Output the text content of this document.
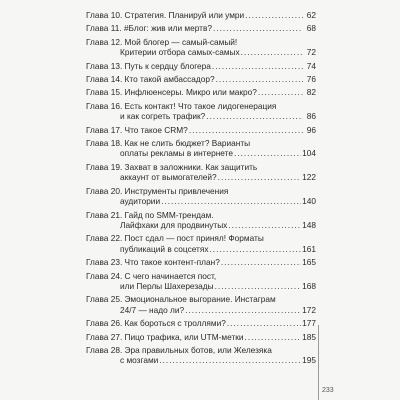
Глава 10. Стратегия. Планируй или умри .....	62
Глава 11. #Блог: жив или мертв? .....	68
Глава 12. Мой блогер — самый-самый!
Критерии отбора самых-самых .....	72
Глава 13. Путь к сердцу блогера .....	74
Глава 14. Кто такой амбассадор? .....	76
Глава 15. Инфлюенсеры. Микро или макро? .....	82
Глава 16. Есть контакт! Что такое лидогенерация
и как согреть трафик? .....	86
Глава 17. Что такое CRM? .....	96
Глава 18. Как не слить бюджет? Варианты
оплаты рекламы в интернете .....	104
Глава 19. Захват в заложники. Как защитить
аккаунт от вымогателей? .....	122
Глава 20. Инструменты привлечения
аудитории .....	140
Глава 21. Гайд по SMM-трендам.
Лайфхаки для продвинутых .....	148
Глава 22. Пост сдал — пост принял! Форматы
публикаций в соцсетях .....	161
Глава 23. Что такое контент-план? .....	165
Глава 24. С чего начинается пост,
или Перлы Шахерезады .....	168
Глава 25. Эмоциональное выгорание. Инстаграм
24/7 — надо ли? .....	172
Глава 26. Как бороться с троллями? .....	177
Глава 27. Пицо трафика, или UTM-метки .....	185
Глава 28. Эра правильных ботов, или Железяка
с мозгами .....	195
233
